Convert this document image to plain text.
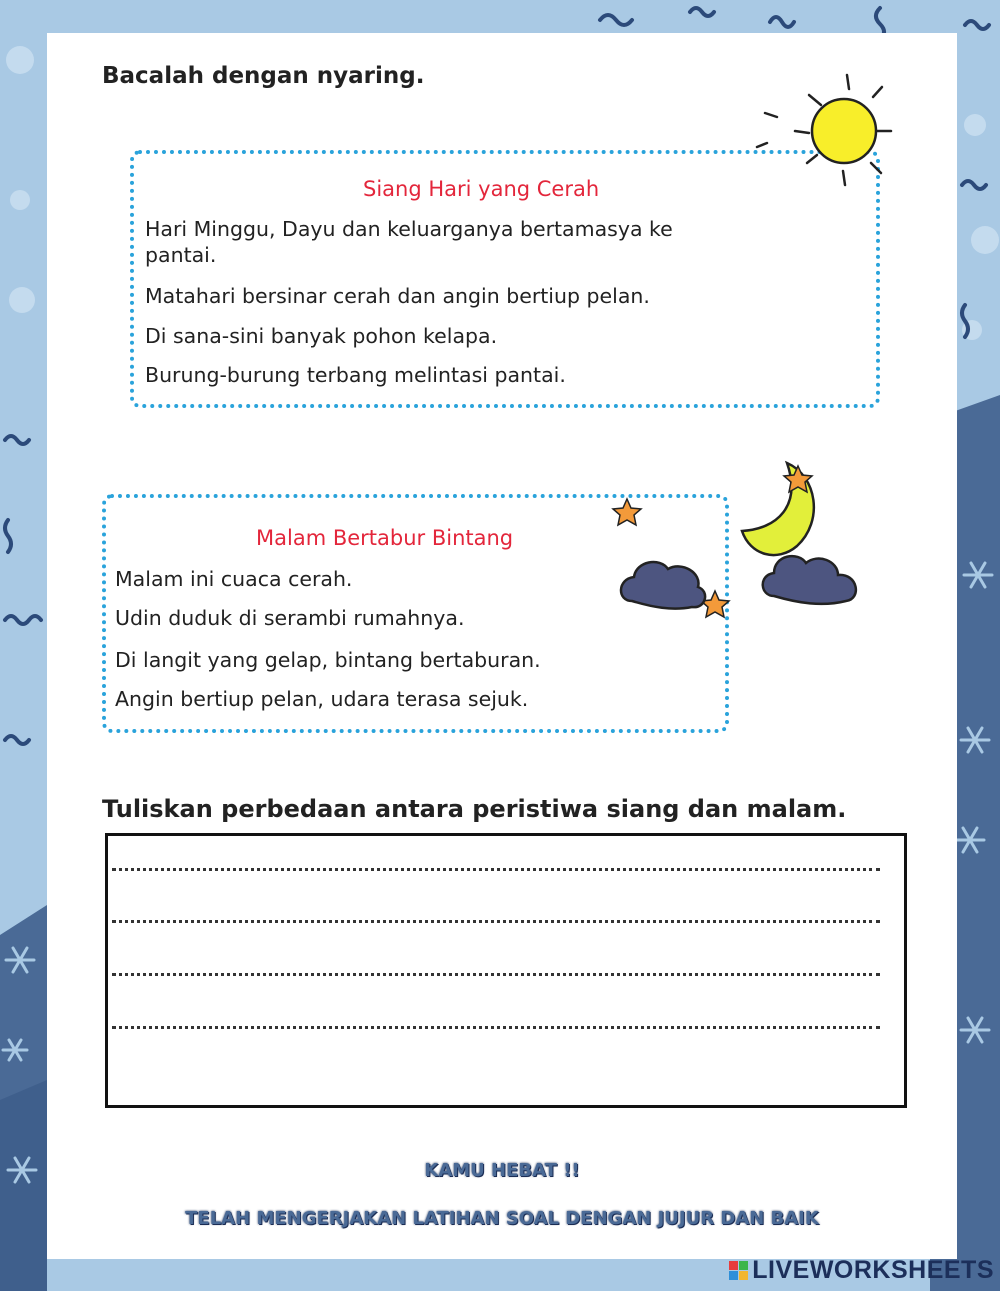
Bacalah dengan nyaring.
Siang Hari yang Cerah

Hari Minggu, Dayu dan keluarganya bertamasya ke

pantai.

Matahari bersinar cerah dan angin bertiup pelan.

Di sana-sini banyak pohon kelapa.

Burung-burung terbang melintasi pantai.

Malam Bertabur Bintang

Malam ini cuaca cerah.

Udin duduk di serambi rumahnya.

Di langit yang gelap, bintang bertaburan.

Angin bertiup pelan, udara terasa sejuk.

Tuliskan perbedaan antara peristiwa siang dan malam.

KAMU HEBAT !!
TELAH MENGERJAKAN LATIHAN SOAL DENGAN JUJUR DAN BAIK
LIVEWORKSHEETS
